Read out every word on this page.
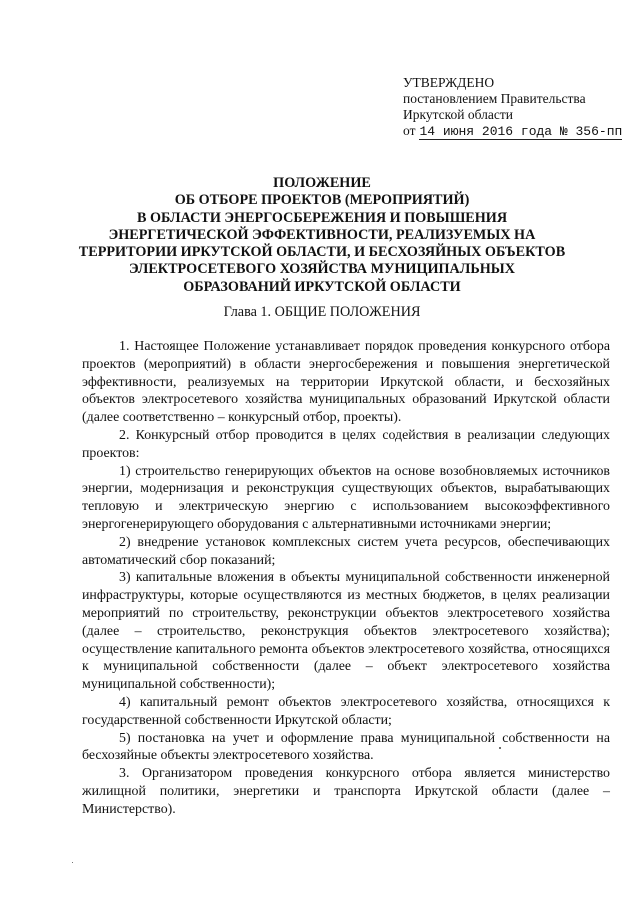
УТВЕРЖДЕНО
постановлением Правительства
Иркутской области
от 14 июня 2016 года № 356-пп
ПОЛОЖЕНИЕ
ОБ ОТБОРЕ ПРОЕКТОВ (МЕРОПРИЯТИЙ)
В ОБЛАСТИ ЭНЕРГОСБЕРЕЖЕНИЯ И ПОВЫШЕНИЯ
ЭНЕРГЕТИЧЕСКОЙ ЭФФЕКТИВНОСТИ, РЕАЛИЗУЕМЫХ НА
ТЕРРИТОРИИ ИРКУТСКОЙ ОБЛАСТИ, И БЕСХОЗЯЙНЫХ ОБЪЕКТОВ
ЭЛЕКТРОСЕТЕВОГО ХОЗЯЙСТВА МУНИЦИПАЛЬНЫХ
ОБРАЗОВАНИЙ ИРКУТСКОЙ ОБЛАСТИ
Глава 1. ОБЩИЕ ПОЛОЖЕНИЯ

1. Настоящее Положение устанавливает порядок проведения конкурсного отбора проектов (мероприятий) в области энергосбережения и повышения энергетической эффективности, реализуемых на территории Иркутской области, и бесхозяйных объектов электросетевого хозяйства муниципальных образований Иркутской области (далее соответственно – конкурсный отбор, проекты).

2. Конкурсный отбор проводится в целях содействия в реализации следующих проектов:

1) строительство генерирующих объектов на основе возобновляемых источников энергии, модернизация и реконструкция существующих объектов, вырабатывающих тепловую и электрическую энергию с использованием высокоэффективного энергогенерирующего оборудования с альтернативными источниками энергии;

2) внедрение установок комплексных систем учета ресурсов, обеспечивающих автоматический сбор показаний;

3) капитальные вложения в объекты муниципальной собственности инженерной инфраструктуры, которые осуществляются из местных бюджетов, в целях реализации мероприятий по строительству, реконструкции объектов электросетевого хозяйства (далее – строительство, реконструкция объектов электросетевого хозяйства); осуществление капитального ремонта объектов электросетевого хозяйства, относящихся к муниципальной собственности (далее – объект электросетевого хозяйства муниципальной собственности);

4) капитальный ремонт объектов электросетевого хозяйства, относящихся к государственной собственности Иркутской области;

5) постановка на учет и оформление права муниципальной собственности на бесхозяйные объекты электросетевого хозяйства.

3. Организатором проведения конкурсного отбора является министерство жилищной политики, энергетики и транспорта Иркутской области (далее – Министерство).
